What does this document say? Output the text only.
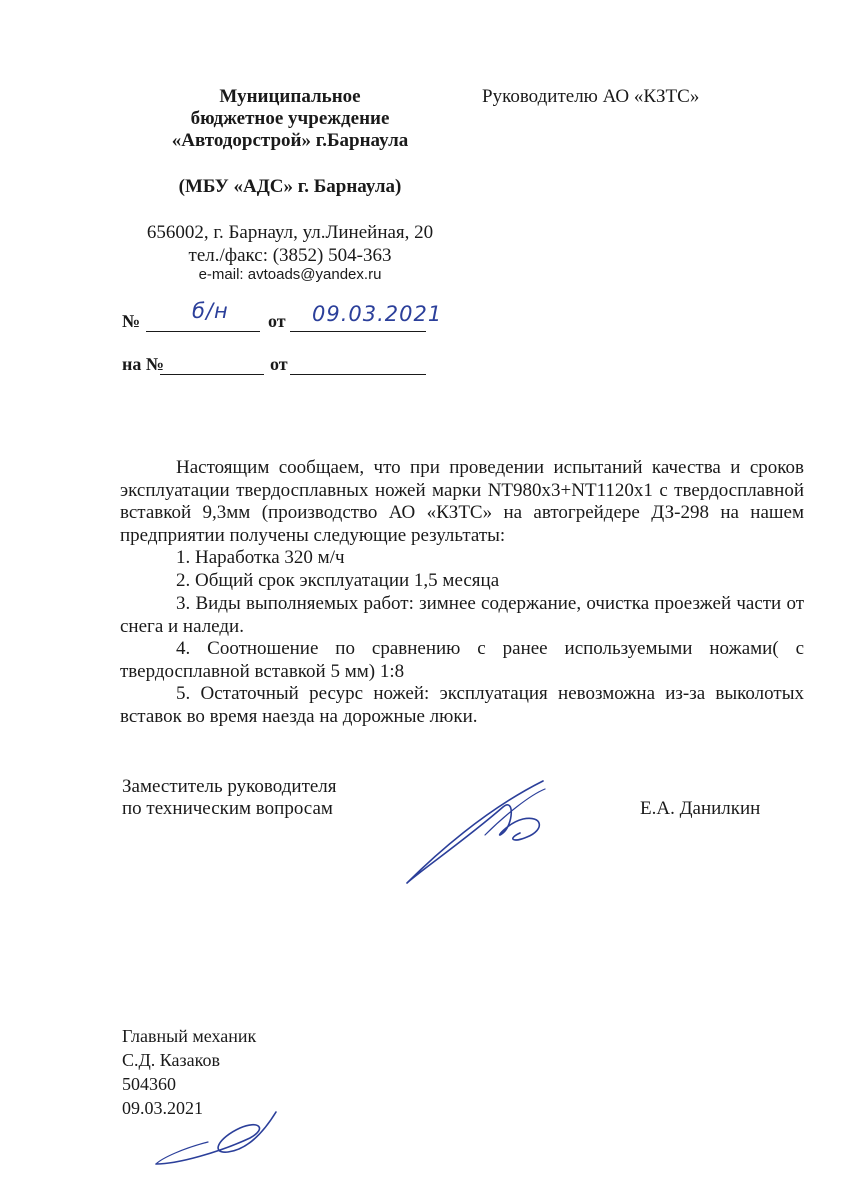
Муниципальное
бюджетное учреждение
«Автодорстрой» г.Барнаула
(МБУ «АДС» г. Барнаула)
656002, г. Барнаул, ул.Линейная, 20
тел./факс: (3852) 504-363
e-mail: avtoads@yandex.ru
Руководителю АО «КЗТС»
№ б/н от 09.03.2021
на №	от
Настоящим сообщаем, что при проведении испытаний качества и сроков эксплуатации твердосплавных ножей марки NT980x3+NT1120x1 с твердосплавной вставкой 9,3мм (производство АО «КЗТС» на автогрейдере ДЗ-298 на нашем предприятии получены следующие результаты:
1. Наработка 320 м/ч
2. Общий срок эксплуатации 1,5 месяца
3. Виды выполняемых работ: зимнее содержание, очистка проезжей части от снега и наледи.
4. Соотношение по сравнению с ранее используемыми ножами( с твердосплавной вставкой 5 мм) 1:8
5. Остаточный ресурс ножей: эксплуатация невозможна из-за выколотых вставок во время наезда на дорожные люки.
Заместитель руководителя
по техническим вопросам	Е.А. Данилкин
Главный механик
С.Д. Казаков
504360
09.03.2021
